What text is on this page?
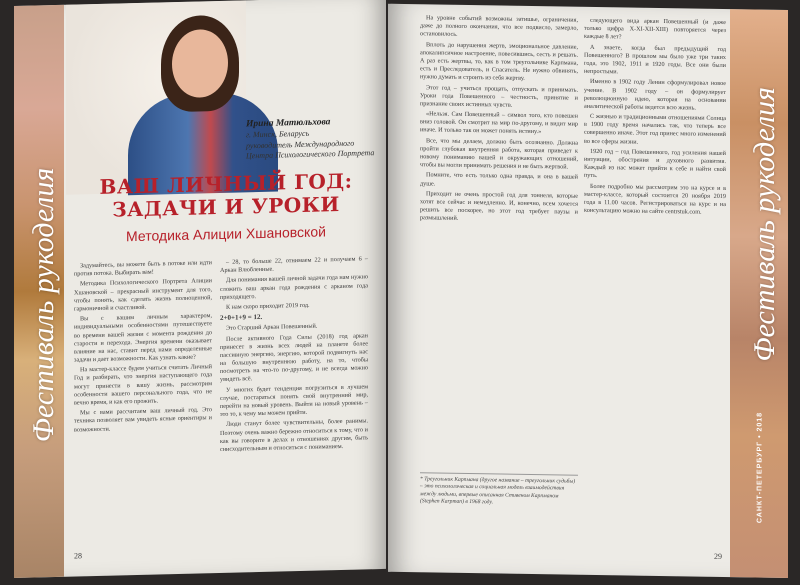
Фестиваль рукоделия
Ирина Матюльхова
г. Минск, Беларусь
руководитель Международного Центра Психологического Портрета
ВАШ ЛИЧНЫЙ ГОД:
ЗАДАЧИ И УРОКИ
Методика Алиции Хшановской

Задумайтесь, вы можете быть в потоке или идти против потока. Выбирать вам!

Методика Психологического Портрета Алиции Хшановской – прекрасный инструмент для того, чтобы понять, как сделать жизнь полноценной, гармоничной и счастливой.

Вы с вашим личным характером, индивидуальными особенностями путешествуете во времени вашей жизни с момента рождения до старости и перехода. Энергия времени оказывает влияние на нас, ставит перед нами определенные задачи и дает возможности. Как узнать какие?

На мастер-классе будем учиться считать Личный Год и разбирать, что энергия наступающего года могут принести в вашу жизнь, рассмотрим особенности вашего персонального года, что не вечно время, и как его прожить.

Мы с вами рассчитаем ваш личный год. Это техника позволяет вам увидеть ясные ориентиры и возможности.

– 28, то больше 22, отнимаем 22 и получаем 6 – Аркан Влюбленные.

Для понимания вашей личной задачи года нам нужно сложить ваш аркан года рождения с арканом года приходящего.

К нам скоро приходит 2019 год.

2+0+1+9 = 12.

Это Старший Аркан Повешенный.

После активного Года Силы (2018) год аркан принесет в жизнь всех людей на планете более пассивную энергию, энергию, которой подвигнуть нас на большую внутреннюю работу, на то, чтобы посмотреть на что-то по-другому, и не всегда можно увидеть всё.

У многих будет тенденция погрузиться в лучшем случае, постараться понять свой внутренний мир, перейти на новый уровень. Выйти на новый уровень – это то, к чему мы можем прийти.

Люди станут более чувствительны, более ранимы. Поэтому очень важно бережно относиться к тому, что и как вы говорите в делах и отношениях другим, быть снисходительным и относиться с пониманием.

28

На уровне событий возможны затишье, ограничения, даже до полного окончания, что все подвисло, замерло, остановилось.

Вплоть до нарушения жертв, эмоциональное давление, апокалипсичное настроение, повесившись, сесть и решать. А раз есть жертвы, то, как в том треугольнике Карпмана, есть и Преследователь, и Спасатель. Не нужно обвинять, нужно думать и строить из себя жертву.

Этот год – учиться прощать, отпускать и принимать. Уроки года Повешенного – честность, принятие и признание своих истинных чувств.

«Нельзя. Сам Повешенный – символ того, кто повешен вниз головой. Он смотрит на мир по-другому, и видит мир иначе. И только так он может понять истину.»

Все, что мы делаем, должно быть осознанно. Должна пройти глубокая внутренняя работа, которая приведет к новому пониманию вашей и окружающих отношений, чтобы вы могли принимать решения и не быть жертвой.

Помните, что есть только одна правда, и она в вашей душе.

Приходит не очень простой год для тоннеля, которые хотят все сейчас и немедленно. И, конечно, всем хочется решить все поскорее, но этот год требует паузы и размышлений.

* Треугольник Карпмана (другое название – треугольник судьбы) – это психологическая и социальная модель взаимодействия между людьми, впервые описанная Стивеном Карпманом (Stephen Karpman) в 1968 году.

следующего вида аркан Повешенный (и даже только цифра X-XI-XII-XIII) повторяется через каждые 8 лет?

А знаете, когда был предыдущий год Повешенного? В прошлом мы было уже три таких года, это 1902, 1911 и 1920 годы. Все они были непростыми.

Именно в 1902 году Ленин сформулировал новое учение. В 1902 году – он формулирует революционную идею, которая на основании аналитической работы ведется всю жизнь.

С жизнью и традиционными отношениями Солнца в 1900 году время начались так, что теперь все совершенно иначе. Этот год принес много изменений во все сферы жизни.

1920 год – год Повешенного, год усиления нашей интуиции, обострения и духовного развития. Каждый из нас может прийти к себе и найти свой путь.

Более подробно мы рассмотрим это на курсе и в мастер-классе, который состоится 20 ноября 2019 года в 11.00 часов. Регистрироваться на курс и на консультацию можно на сайте centrstuk.com.	Фестиваль рукоделия
САНКТ-ПЕТЕРБУРГ • 2018
29
